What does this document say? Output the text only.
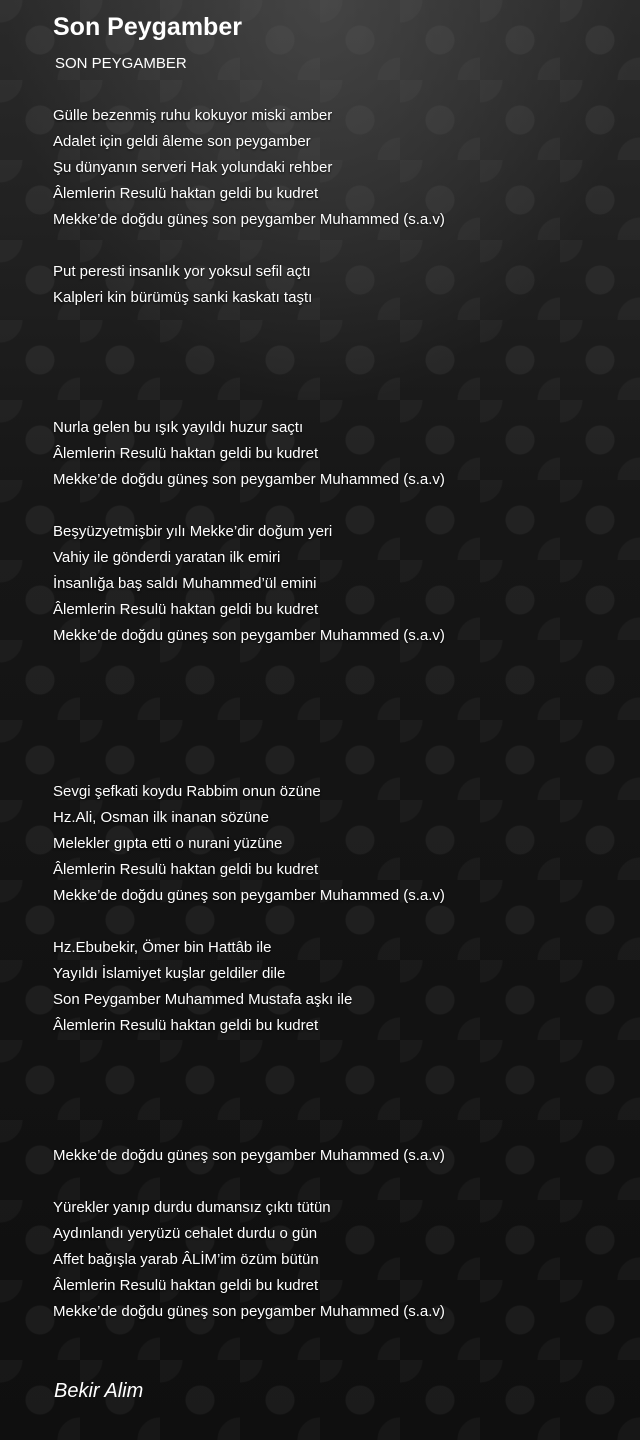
Son Peygamber
SON PEYGAMBER
Gülle bezenmiş ruhu kokuyor miski amber
Adalet için geldi âleme son peygamber
Şu dünyanın serveri Hak yolundaki rehber
Âlemlerin Resulü haktan geldi bu kudret
Mekke’de doğdu güneş son peygamber Muhammed (s.a.v)
Put peresti insanlık yor yoksul sefil açtı
Kalpleri kin bürümüş sanki kaskatı taştı
Nurla gelen bu ışık yayıldı huzur saçtı
Âlemlerin Resulü haktan geldi bu kudret
Mekke’de doğdu güneş son peygamber Muhammed (s.a.v)
Beşyüzyetmişbir yılı Mekke’dir doğum yeri
Vahiy ile gönderdi yaratan ilk emiri
İnsanlığa baş saldı Muhammed’ül emini
Âlemlerin Resulü haktan geldi bu kudret
Mekke’de doğdu güneş son peygamber Muhammed (s.a.v)
Sevgi şefkati koydu Rabbim onun özüne
Hz.Ali, Osman ilk inanan sözüne
Melekler gıpta etti o nurani yüzüne
Âlemlerin Resulü haktan geldi bu kudret
Mekke’de doğdu güneş son peygamber Muhammed (s.a.v)
Hz.Ebubekir, Ömer bin Hattâb ile
Yayıldı İslamiyet kuşlar geldiler dile
Son Peygamber Muhammed Mustafa aşkı ile
Âlemlerin Resulü haktan geldi bu kudret
Mekke’de doğdu güneş son peygamber Muhammed (s.a.v)
Yürekler yanıp durdu dumansız çıktı tütün
Aydınlandı yeryüzü cehalet durdu o gün
Affet bağışla yarab ÂLİM’im özüm bütün
Âlemlerin Resulü haktan geldi bu kudret
Mekke’de doğdu güneş son peygamber Muhammed (s.a.v)
Bekir Alim
